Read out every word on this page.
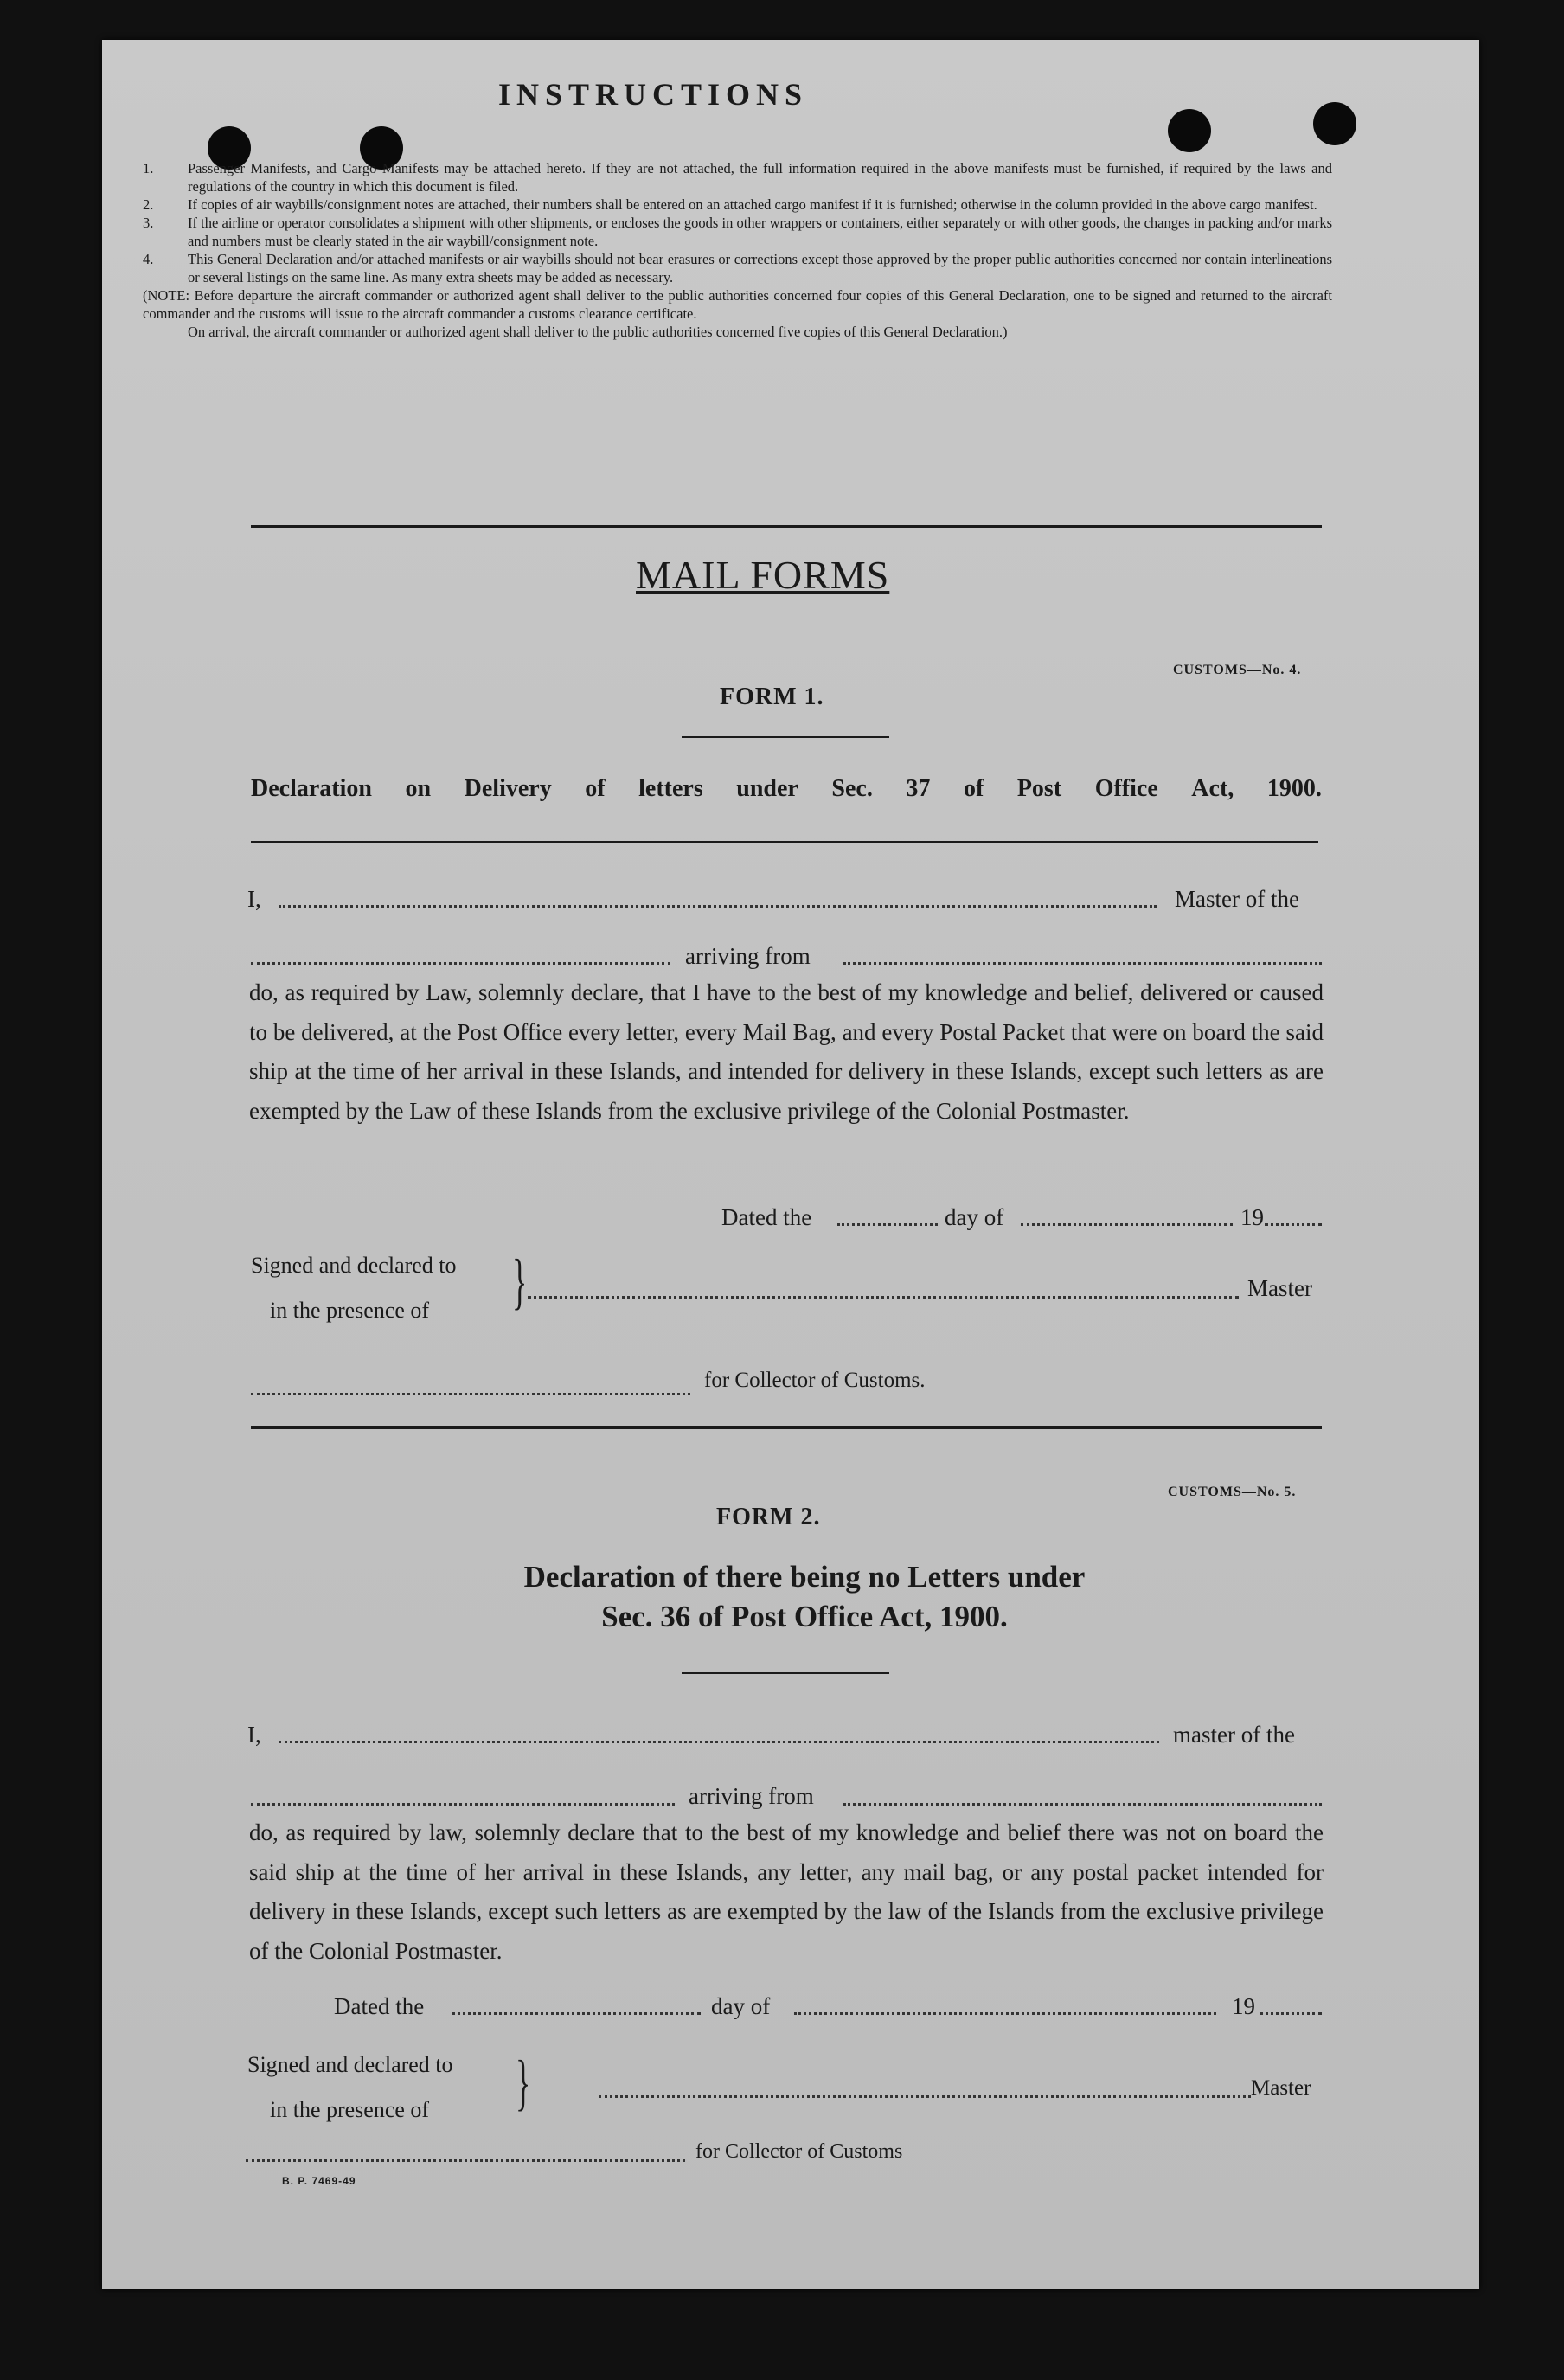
INSTRUCTIONS
1.	Passenger Manifests, and Cargo Manifests may be attached hereto. If they are not attached, the full information required in the above manifests must be furnished, if required by the laws and regulations of the country in which this document is filed.
2.	If copies of air waybills/consignment notes are attached, their numbers shall be entered on an attached cargo manifest if it is furnished; otherwise in the column provided in the above cargo manifest.
3.	If the airline or operator consolidates a shipment with other shipments, or encloses the goods in other wrappers or containers, either separately or with other goods, the changes in packing and/or marks and numbers must be clearly stated in the air waybill/consignment note.
4.	This General Declaration and/or attached manifests or air waybills should not bear erasures or corrections except those approved by the proper public authorities concerned nor contain interlineations or several listings on the same line. As many extra sheets may be added as necessary.
(NOTE: Before departure the aircraft commander or authorized agent shall deliver to the public authorities concerned four copies of this General Declaration, one to be signed and returned to the aircraft commander and the customs will issue to the aircraft commander a customs clearance certificate.
On arrival, the aircraft commander or authorized agent shall deliver to the public authorities concerned five copies of this General Declaration.)
MAIL FORMS
CUSTOMS—No. 4.
FORM 1.
Declaration on Delivery of letters under Sec. 37 of Post Office Act, 1900.
I,	Master of the
arriving from
do, as required by Law, solemnly declare, that I have to the best of my knowledge and belief, delivered or caused to be delivered, at the Post Office every letter, every Mail Bag, and every Postal Packet that were on board the said ship at the time of her arrival in these Islands, and intended for delivery in these Islands, except such letters as are exempted by the Law of these Islands from the exclusive privilege of the Colonial Postmaster.
Dated the	day of	19
Signed and declared to
in the presence of }	Master
for Collector of Customs.
CUSTOMS—No. 5.
FORM 2.
Declaration of there being no Letters under
Sec. 36 of Post Office Act, 1900.
I,	master of the
arriving from
do, as required by law, solemnly declare that to the best of my knowledge and belief there was not on board the said ship at the time of her arrival in these Islands, any letter, any mail bag, or any postal packet intended for delivery in these Islands, except such letters as are exempted by the law of the Islands from the exclusive privilege of the Colonial Postmaster.
Dated the	day of	19
Signed and declared to
in the presence of }	Master
for Collector of Customs
B. P. 7469-49
